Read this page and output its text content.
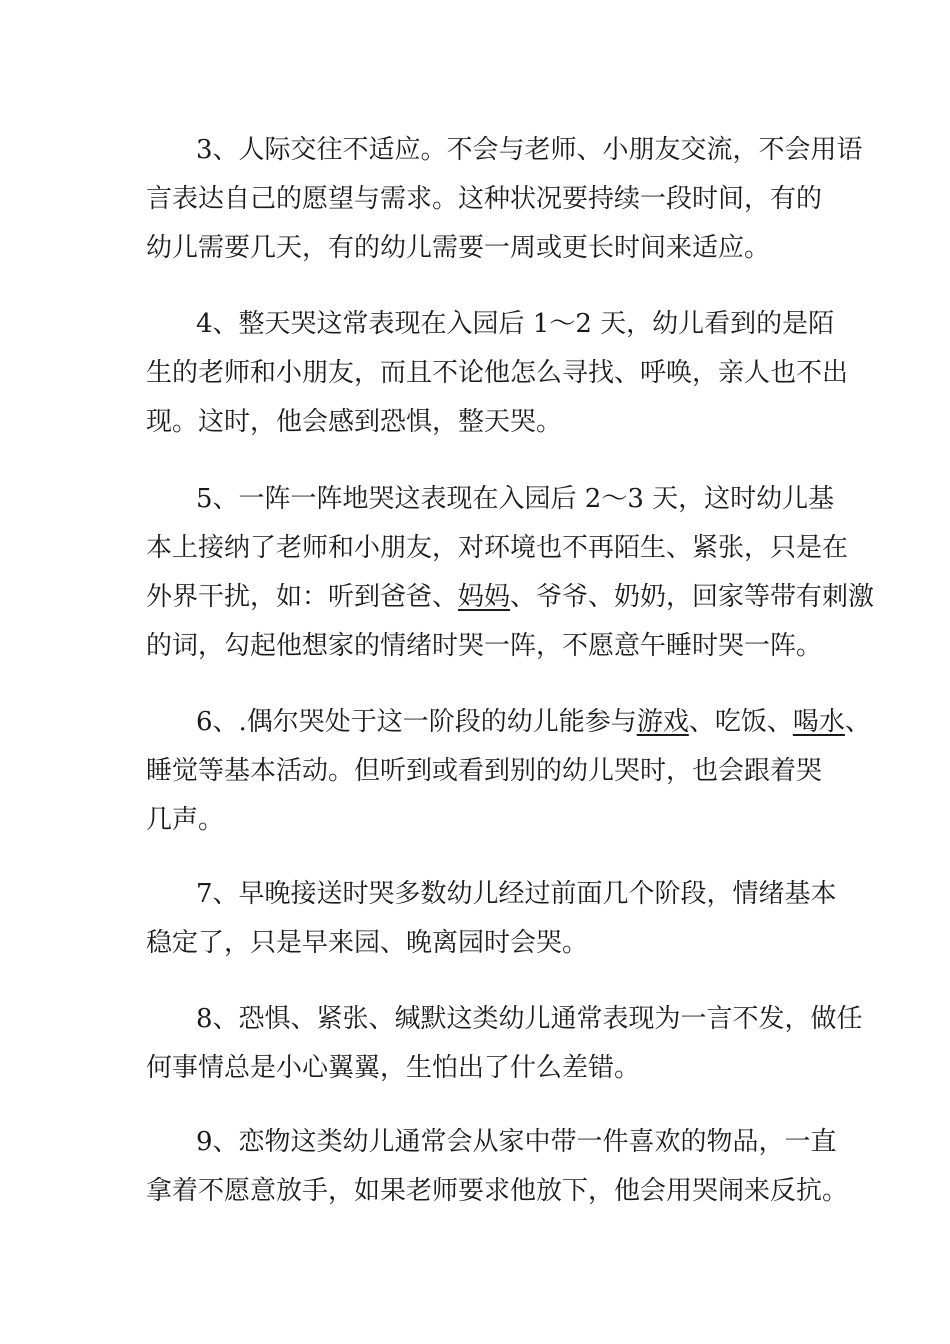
3、人际交往不适应。不会与老师、小朋友交流，不会用语
言表达自己的愿望与需求。这种状况要持续一段时间，有的
幼儿需要几天，有的幼儿需要一周或更长时间来适应。
4、整天哭这常表现在入园后 1～2 天，幼儿看到的是陌
生的老师和小朋友，而且不论他怎么寻找、呼唤，亲人也不出
现。这时，他会感到恐惧，整天哭。
5、一阵一阵地哭这表现在入园后 2～3 天，这时幼儿基
本上接纳了老师和小朋友，对环境也不再陌生、紧张，只是在
外界干扰，如：听到爸爸、妈妈、爷爷、奶奶，回家等带有刺激
的词，勾起他想家的情绪时哭一阵，不愿意午睡时哭一阵。
6、.偶尔哭处于这一阶段的幼儿能参与游戏、吃饭、喝水、
睡觉等基本活动。但听到或看到别的幼儿哭时，也会跟着哭
几声。
7、早晚接送时哭多数幼儿经过前面几个阶段，情绪基本
稳定了，只是早来园、晚离园时会哭。
8、恐惧、紧张、缄默这类幼儿通常表现为一言不发，做任
何事情总是小心翼翼，生怕出了什么差错。
9、恋物这类幼儿通常会从家中带一件喜欢的物品，一直
拿着不愿意放手，如果老师要求他放下，他会用哭闹来反抗。
